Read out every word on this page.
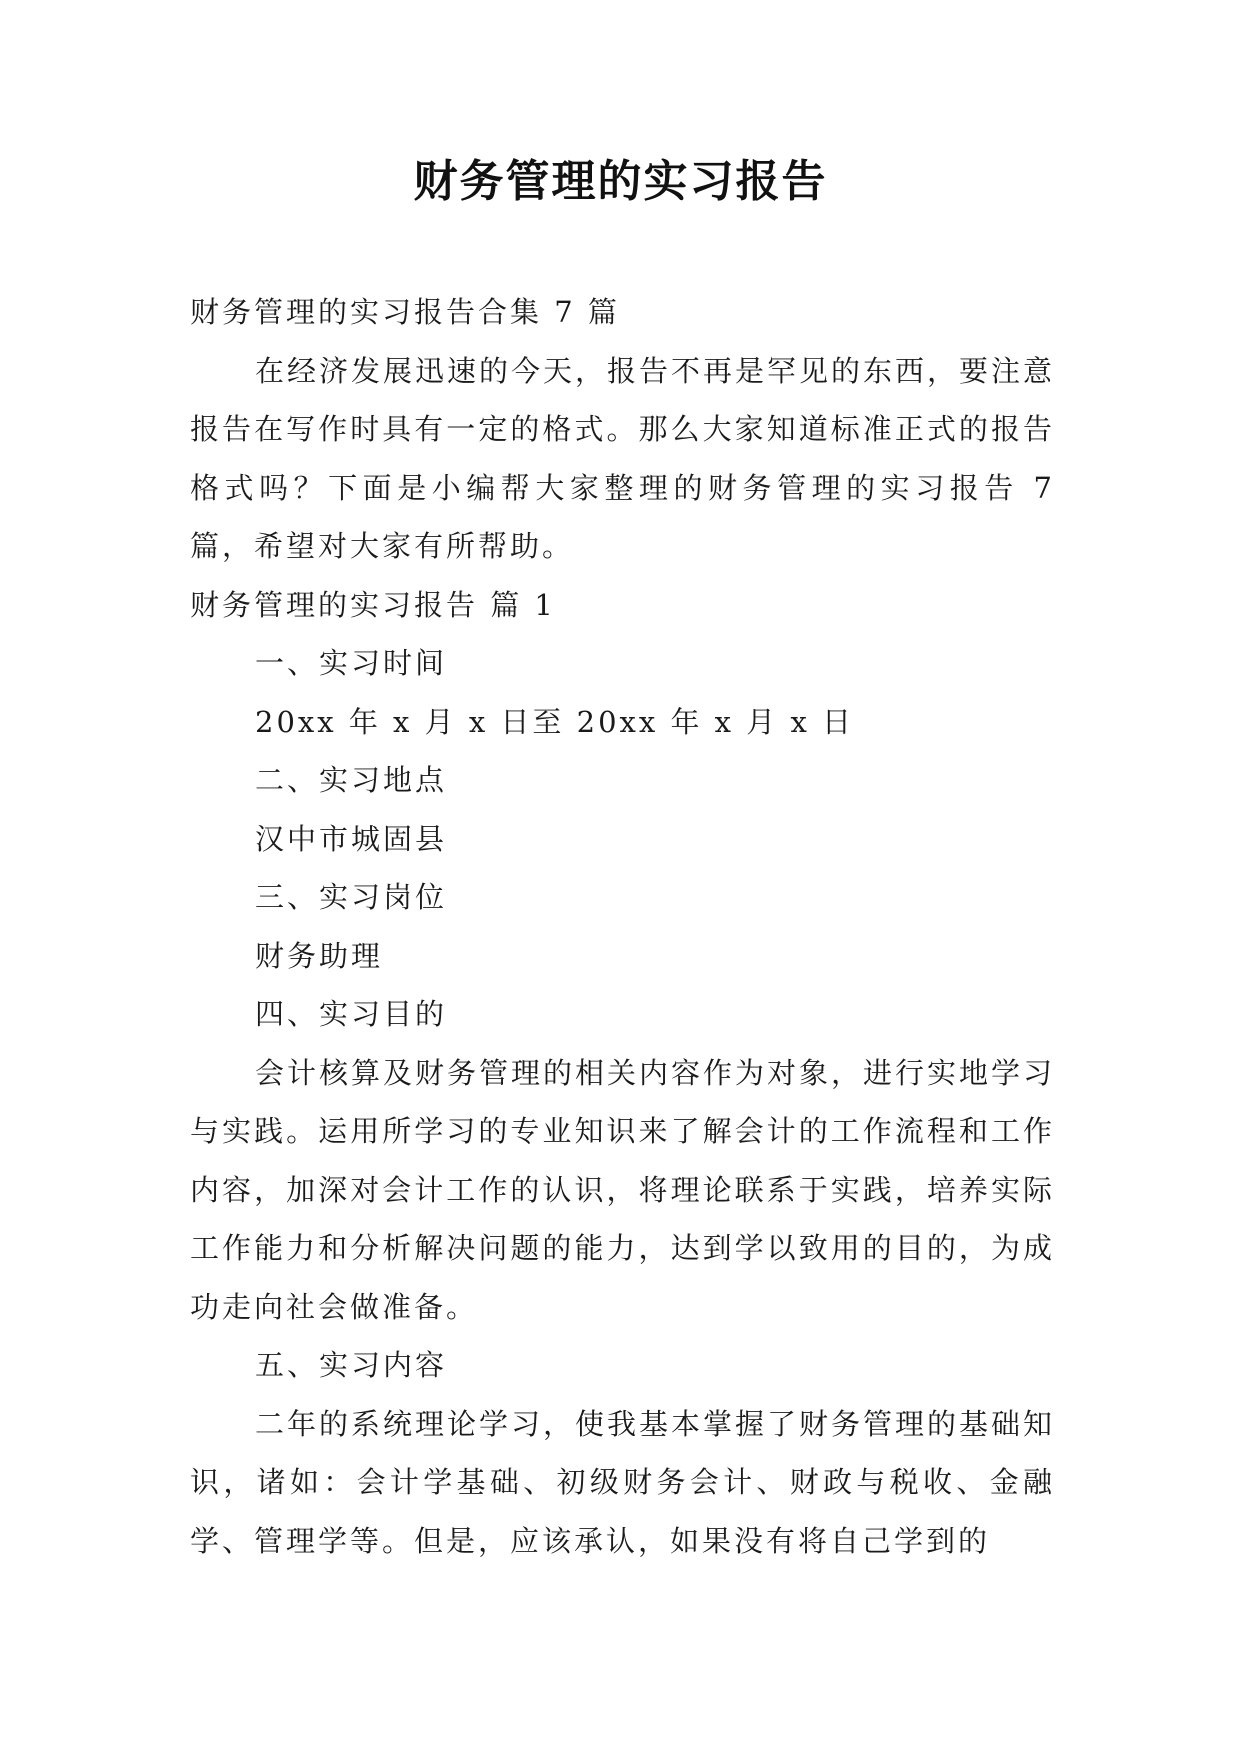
财务管理的实习报告
财务管理的实习报告合集 7 篇
在经济发展迅速的今天，报告不再是罕见的东西，要注意报告在写作时具有一定的格式。那么大家知道标准正式的报告格式吗？下面是小编帮大家整理的财务管理的实习报告 7 篇，希望对大家有所帮助。
财务管理的实习报告 篇 1
一、实习时间
20xx 年 x 月 x 日至 20xx 年 x 月 x 日
二、实习地点
汉中市城固县
三、实习岗位
财务助理
四、实习目的
会计核算及财务管理的相关内容作为对象，进行实地学习与实践。运用所学习的专业知识来了解会计的工作流程和工作内容，加深对会计工作的认识，将理论联系于实践，培养实际工作能力和分析解决问题的能力，达到学以致用的目的，为成功走向社会做准备。
五、实习内容
二年的系统理论学习，使我基本掌握了财务管理的基础知识，诸如：会计学基础、初级财务会计、财政与税收、金融学、管理学等。但是，应该承认，如果没有将自己学到的
